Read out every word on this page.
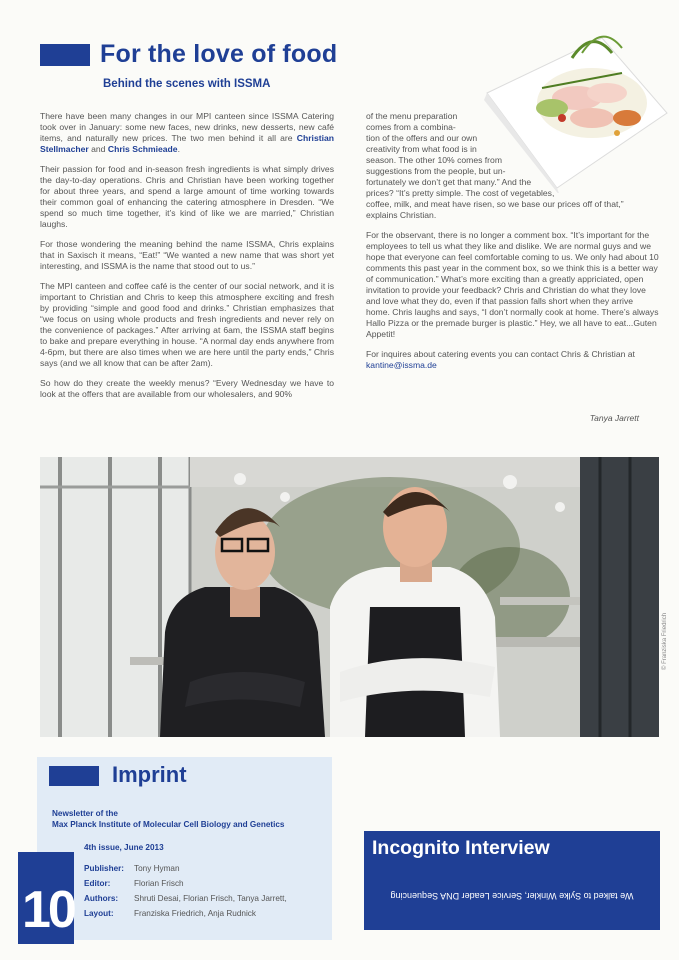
For the love of food
Behind the scenes with ISSMA

There have been many changes in our MPI canteen since ISSMA Catering took over in January: some new faces, new drinks, new desserts, new café items, and naturally new prices. The two men behind it all are Christian Stellmacher and Chris Schmieade.

Their passion for food and in-season fresh ingredients is what simply drives the day-to-day operations. Chris and Christian have been working together for about three years, and spend a large amount of time working towards their common goal of enhancing the catering atmosphere in Dresden. “We spend so much time together, it’s kind of like we are married,” Christian laughs.

For those wondering the meaning behind the name ISSMA, Chris explains that in Saxisch it means, “Eat!” “We wanted a new name that was short yet interesting, and ISSMA is the name that stood out to us.”

The MPI canteen and coffee café is the center of our social network, and it is important to Christian and Chris to keep this atmosphere exciting and fresh by providing “simple and good food and drinks.” Christian emphasizes that “we focus on using whole products and fresh ingredients and never rely on the convenience of packages.” After arriving at 6am, the ISSMA staff begins to bake and prepare everything in house. “A normal day ends anywhere from 4-6pm, but there are also times when we are here until the party ends,” Chris says (and we all know that can be after 2am).

So how do they create the weekly menus? “Every Wednesday we have to look at the offers that are available from our wholesalers, and 90%

of the menu preparation
comes from a combina-
tion of the offers and our own
creativity from what food is in
season. The other 10% comes from
suggestions from the people, but un-
fortunately we don’t get that many.” And the
prices? “It’s pretty simple. The cost of vegetables,
coffee, milk, and meat have risen, so we base our prices off of that,”
explains Christian.

For the observant, there is no longer a comment box. “It’s important for the employees to tell us what they like and dislike. We are normal guys and we hope that everyone can feel comfortable coming to us. We only had about 10 comments this past year in the comment box, so we think this is a better way of communication.” What’s more exciting than a greatly appriciated, open invitation to provide your feedback? Chris and Christian do what they love and love what they do, even if that passion falls short when they arrive home. Chris laughs and says, “I don’t normally cook at home. There’s always Hallo Pizza or the premade burger is plastic.” Hey, we all have to eat...Guten Appetit!

For inquires about catering events you can contact Chris & Christian at
kantine@issma.de

Tanya Jarrett
© Franziska Friedrich
Imprint
Newsletter of the
Max Planck Institute of Molecular Cell Biology and Genetics
4th issue, June 2013
Publisher: Tony Hyman
Editor:	Florian Frisch
Authors: Shruti Desai, Florian Frisch, Tanya Jarrett,
Layout: Franziska Friedrich, Anja Rudnick
10
Incognito Interview
We talked to Sylke Winkler, Service Leader DNA Sequencing
